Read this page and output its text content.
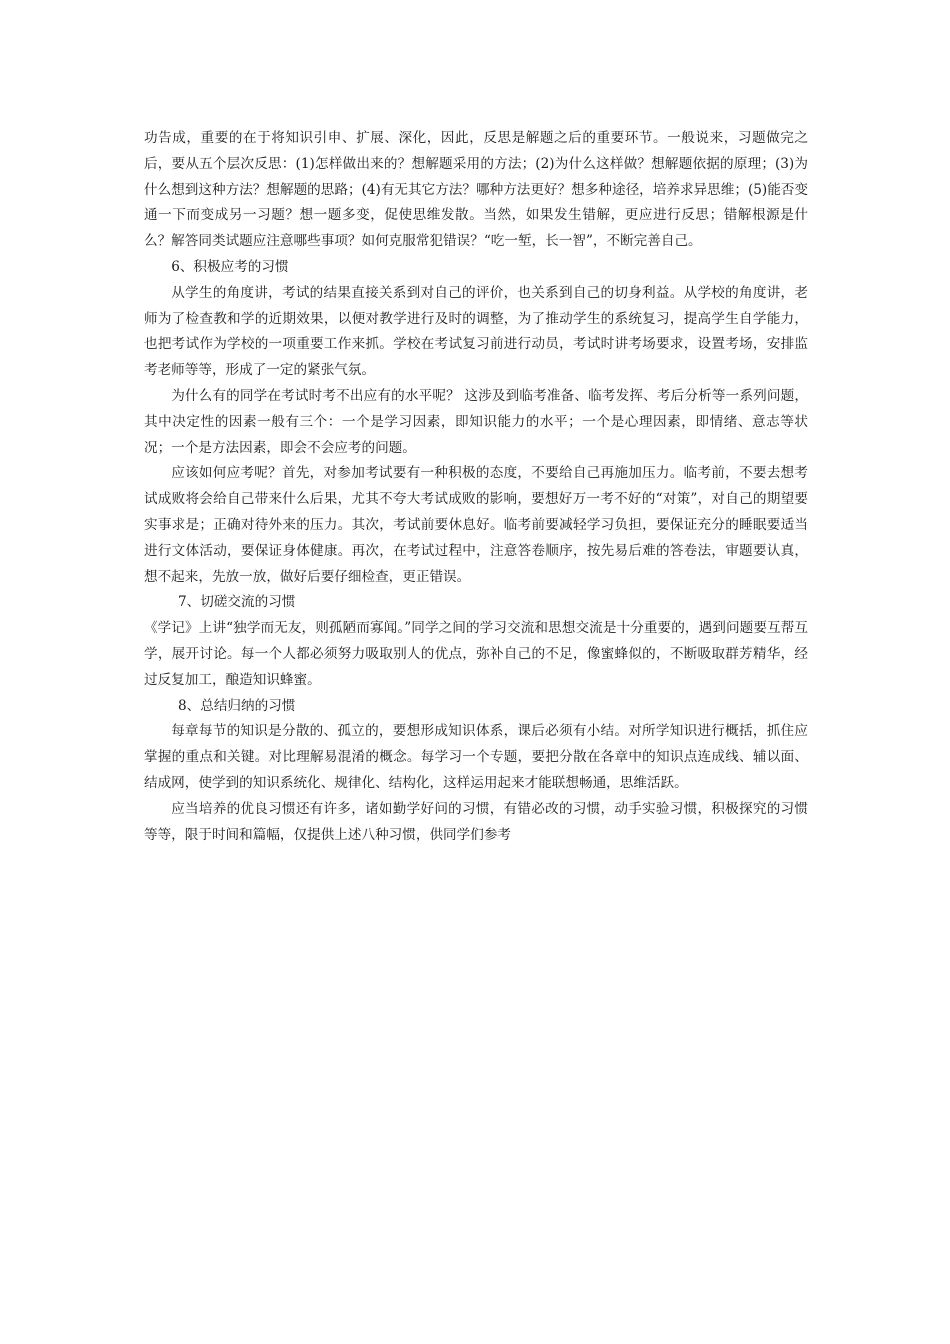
功告成，重要的在于将知识引申、扩展、深化，因此，反思是解题之后的重要环节。一般说来，习题做完之后，要从五个层次反思：(1)怎样做出来的？想解题采用的方法；(2)为什么这样做？想解题依据的原理；(3)为什么想到这种方法？想解题的思路；(4)有无其它方法？哪种方法更好？想多种途径，培养求异思维；(5)能否变通一下而变成另一习题？想一题多变，促使思维发散。当然，如果发生错解，更应进行反思；错解根源是什么？解答同类试题应注意哪些事项？如何克服常犯错误？“吃一堑，长一智”，不断完善自己。

6、积极应考的习惯

从学生的角度讲，考试的结果直接关系到对自己的评价，也关系到自己的切身利益。从学校的角度讲，老师为了检查教和学的近期效果，以便对教学进行及时的调整，为了推动学生的系统复习，提高学生自学能力，也把考试作为学校的一项重要工作来抓。学校在考试复习前进行动员，考试时讲考场要求，设置考场，安排监考老师等等，形成了一定的紧张气氛。

为什么有的同学在考试时考不出应有的水平呢？ 这涉及到临考准备、临考发挥、考后分析等一系列问题，其中决定性的因素一般有三个：一个是学习因素，即知识能力的水平；一个是心理因素，即情绪、意志等状况；一个是方法因素，即会不会应考的问题。

应该如何应考呢？首先，对参加考试要有一种积极的态度，不要给自己再施加压力。临考前，不要去想考试成败将会给自己带来什么后果，尤其不夸大考试成败的影响，要想好万一考不好的“对策”，对自己的期望要实事求是；正确对待外来的压力。其次，考试前要休息好。临考前要减轻学习负担，要保证充分的睡眠要适当进行文体活动，要保证身体健康。再次，在考试过程中，注意答卷顺序，按先易后难的答卷法，审题要认真，想不起来，先放一放，做好后要仔细检查，更正错误。

7、切磋交流的习惯

《学记》上讲“独学而无友，则孤陋而寡闻。”同学之间的学习交流和思想交流是十分重要的，遇到问题要互帮互学，展开讨论。每一个人都必须努力吸取别人的优点，弥补自己的不足，像蜜蜂似的，不断吸取群芳精华，经过反复加工，酿造知识蜂蜜。

8、总结归纳的习惯

每章每节的知识是分散的、孤立的，要想形成知识体系，课后必须有小结。对所学知识进行概括，抓住应掌握的重点和关键。对比理解易混淆的概念。每学习一个专题，要把分散在各章中的知识点连成线、辅以面、结成网，使学到的知识系统化、规律化、结构化，这样运用起来才能联想畅通，思维活跃。

应当培养的优良习惯还有许多，诸如勤学好问的习惯，有错必改的习惯，动手实验习惯，积极探究的习惯等等，限于时间和篇幅，仅提供上述八种习惯，供同学们参考
